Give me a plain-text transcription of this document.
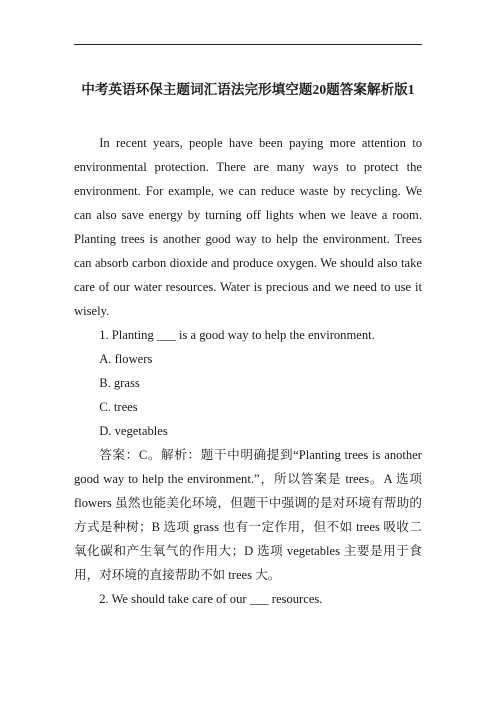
中考英语环保主题词汇语法完形填空题20题答案解析版1

In recent years, people have been paying more attention to environmental protection. There are many ways to protect the environment. For example, we can reduce waste by recycling. We can also save energy by turning off lights when we leave a room. Planting trees is another good way to help the environment. Trees can absorb carbon dioxide and produce oxygen. We should also take care of our water resources. Water is precious and we need to use it wisely.

1. Planting ___ is a good way to help the environment.

A. flowers

B. grass

C. trees

D. vegetables

答案：C。解析：题干中明确提到“Planting trees is another good way to help the environment.”，所以答案是 trees。A 选项 flowers 虽然也能美化环境，但题干中强调的是对环境有帮助的方式是种树；B 选项 grass 也有一定作用，但不如 trees 吸收二氧化碳和产生氧气的作用大；D 选项 vegetables 主要是用于食用，对环境的直接帮助不如 trees 大。

2. We should take care of our ___ resources.
